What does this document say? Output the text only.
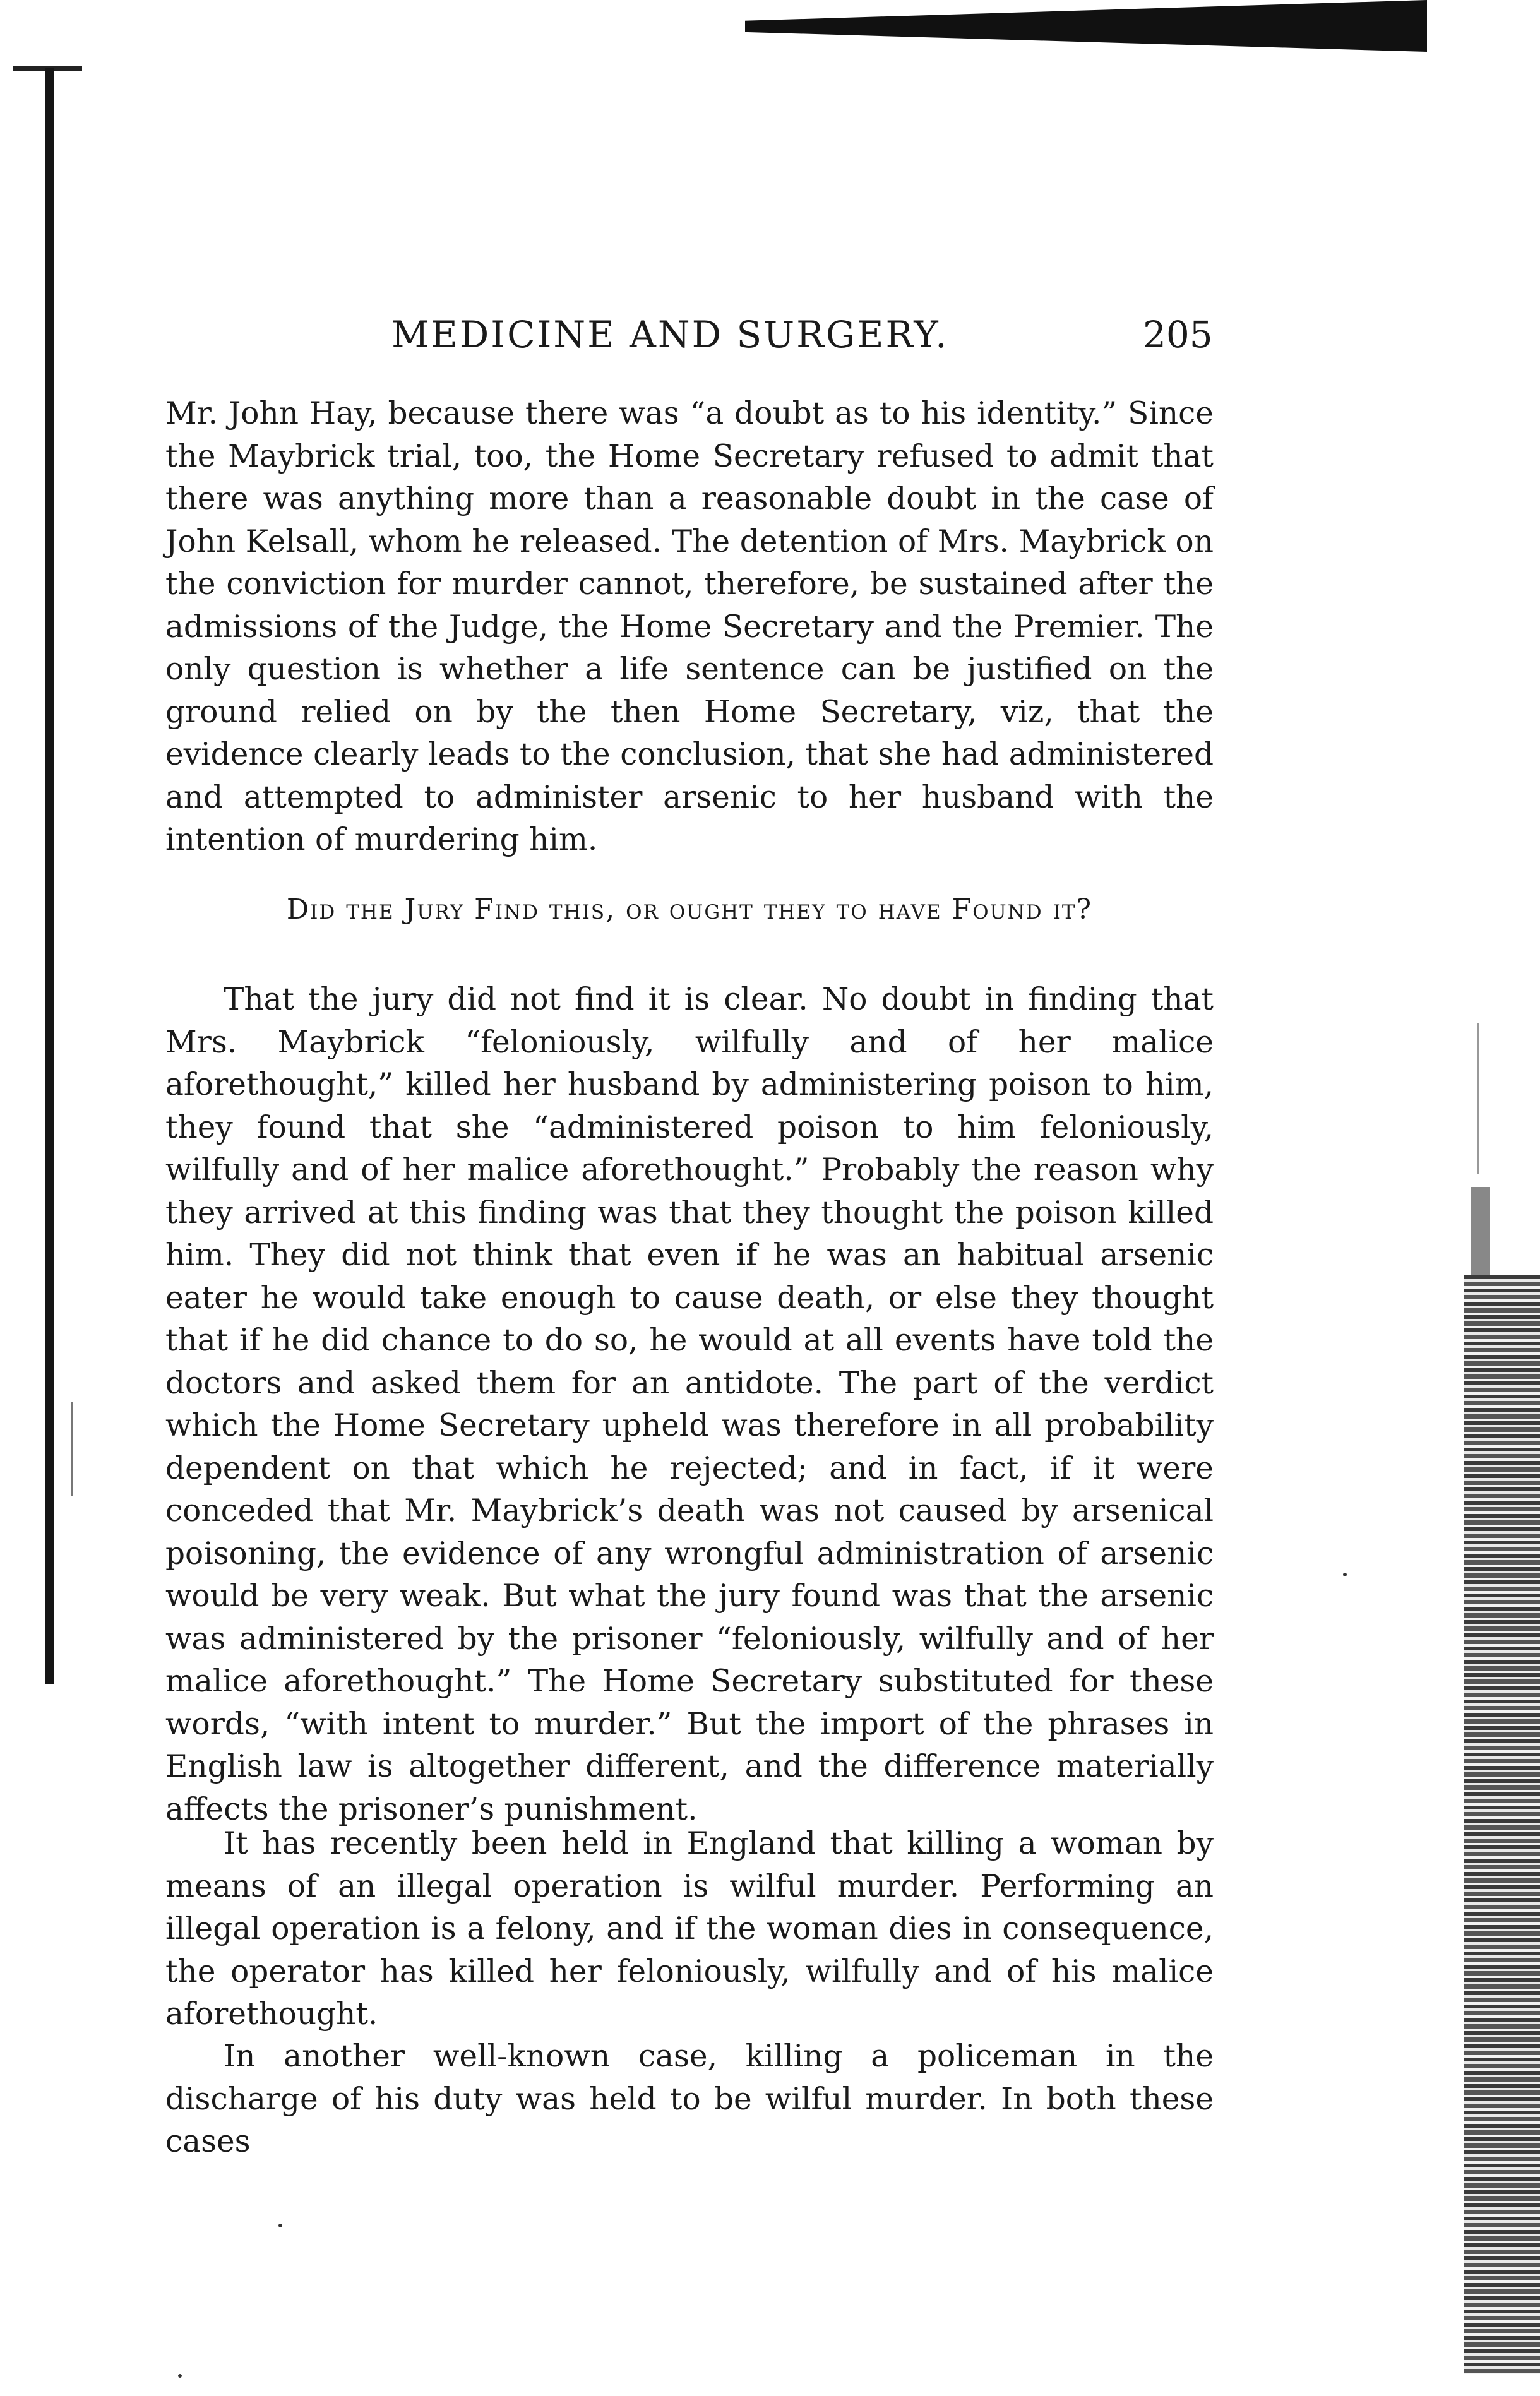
MEDICINE AND SURGERY.	205
Mr. John Hay, because there was “a doubt as to his identity.” Since the Maybrick trial, too, the Home Secretary refused to admit that there was anything more than a reasonable doubt in the case of John Kelsall, whom he released. The detention of Mrs. Maybrick on the conviction for murder cannot, therefore, be sustained after the admissions of the Judge, the Home Secretary and the Premier. The only question is whether a life sentence can be justified on the ground relied on by the then Home Secretary, viz, that the evidence clearly leads to the conclusion, that she had administered and attempted to administer arsenic to her husband with the intention of murdering him.
Did the Jury Find this, or ought they to have Found it?
That the jury did not find it is clear. No doubt in finding that Mrs. Maybrick “feloniously, wilfully and of her malice aforethought,” killed her husband by administering poison to him, they found that she “administered poison to him feloniously, wilfully and of her malice aforethought.” Probably the reason why they arrived at this finding was that they thought the poison killed him. They did not think that even if he was an habitual arsenic eater he would take enough to cause death, or else they thought that if he did chance to do so, he would at all events have told the doctors and asked them for an antidote. The part of the verdict which the Home Secretary upheld was therefore in all probability dependent on that which he rejected; and in fact, if it were conceded that Mr. Maybrick’s death was not caused by arsenical poisoning, the evidence of any wrongful administration of arsenic would be very weak. But what the jury found was that the arsenic was administered by the prisoner “feloniously, wilfully and of her malice aforethought.” The Home Secretary substituted for these words, “with intent to murder.” But the import of the phrases in English law is altogether different, and the difference materially affects the prisoner’s punishment.
It has recently been held in England that killing a woman by means of an illegal operation is wilful murder. Performing an illegal operation is a felony, and if the woman dies in consequence, the operator has killed her feloniously, wilfully and of his malice aforethought.
In another well-known case, killing a policeman in the discharge of his duty was held to be wilful murder. In both these cases
